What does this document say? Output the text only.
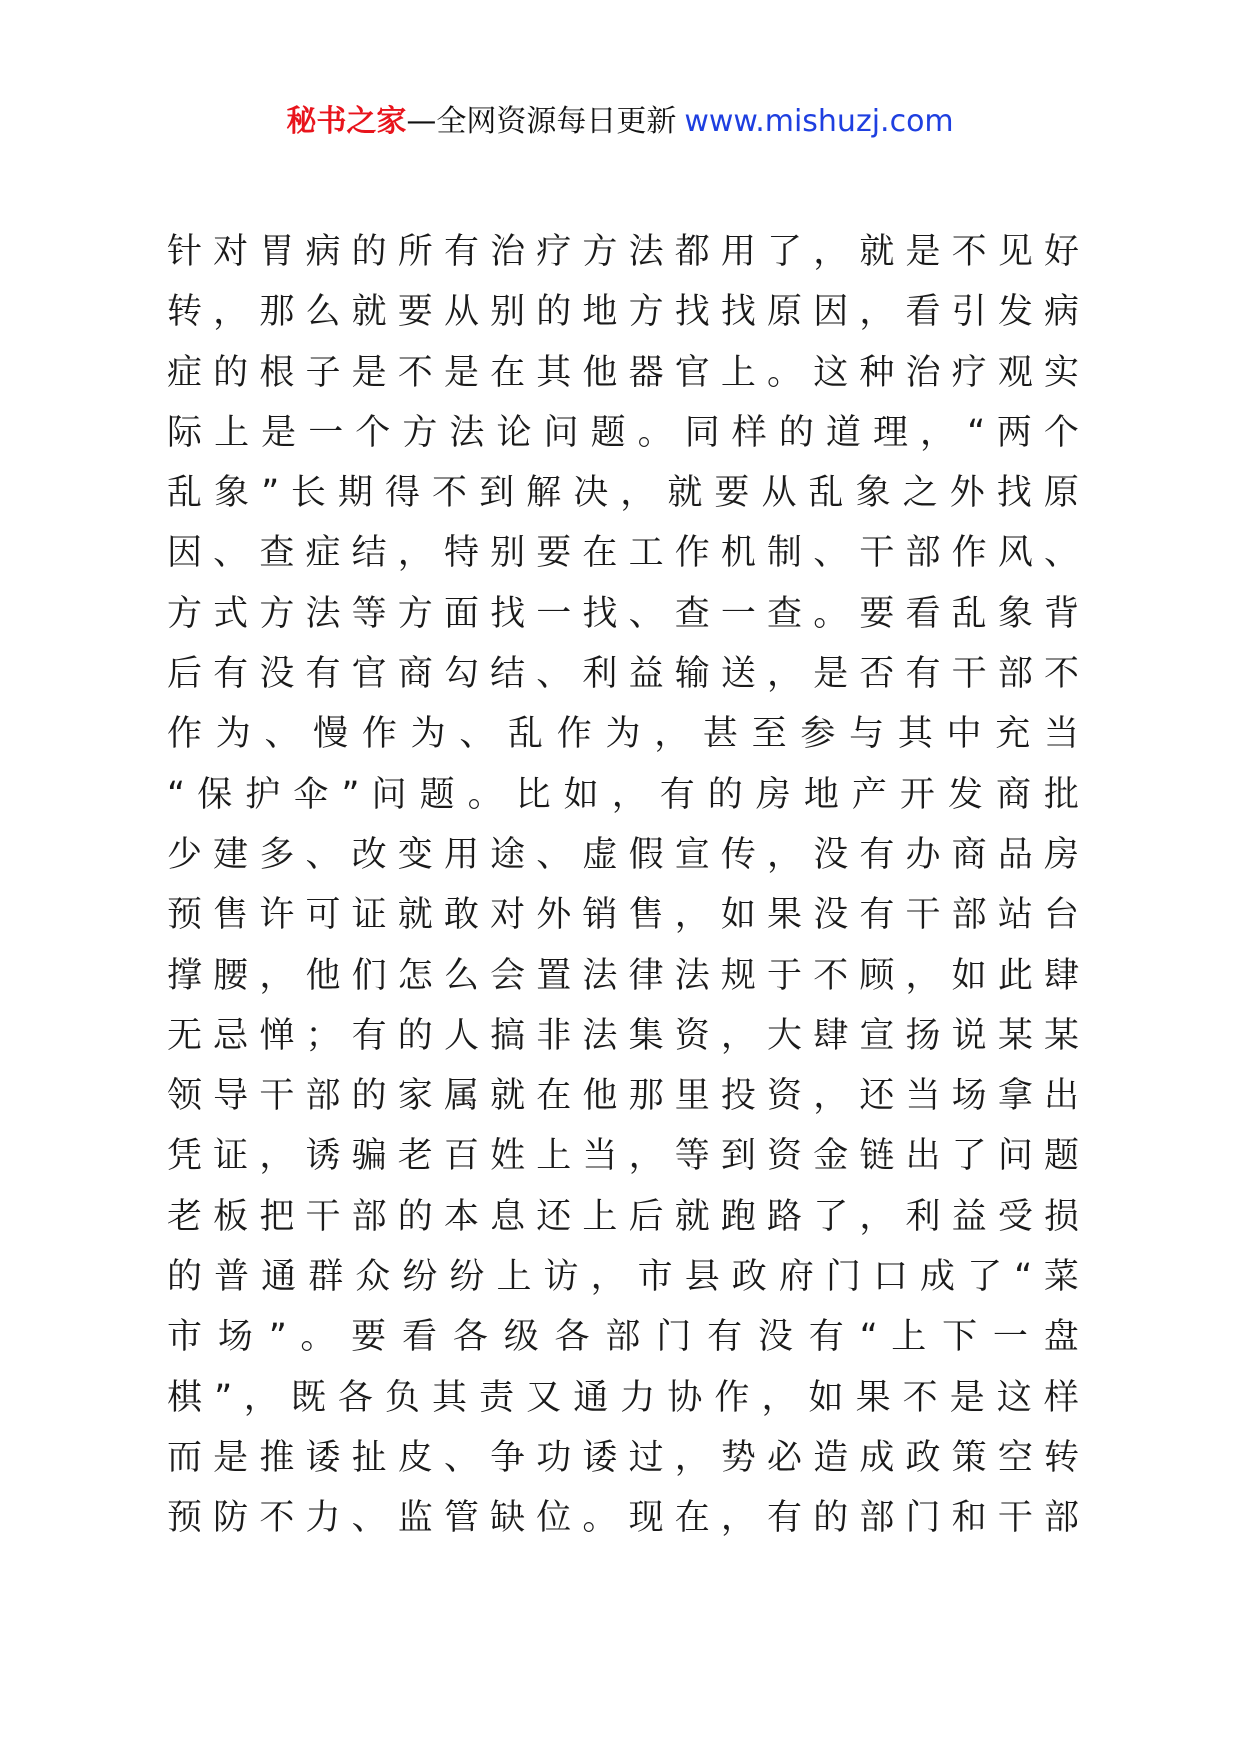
秘书之家—全网资源每日更新 www.mishuzj.com
针 对 胃 病 的 所 有 治 疗 方 法 都 用 了 ， 就 是 不 见 好
转 ， 那 么 就 要 从 别 的 地 方 找 找 原 因 ， 看 引 发 病
症 的 根 子 是 不 是 在 其 他 器 官 上 。 这 种 治 疗 观 实
际 上 是 一 个 方 法 论 问 题 。 同 样 的 道 理 ， “ 两 个
乱 象 ” 长 期 得 不 到 解 决 ， 就 要 从 乱 象 之 外 找 原
因 、 查 症 结 ， 特 别 要 在 工 作 机 制 、 干 部 作 风 、
方 式 方 法 等 方 面 找 一 找 、 查 一 查 。 要 看 乱 象 背
后 有 没 有 官 商 勾 结 、 利 益 输 送 ， 是 否 有 干 部 不
作 为 、 慢 作 为 、 乱 作 为 ， 甚 至 参 与 其 中 充 当
“ 保 护 伞 ” 问 题 。 比 如 ， 有 的 房 地 产 开 发 商 批
少 建 多 、 改 变 用 途 、 虚 假 宣 传 ， 没 有 办 商 品 房
预 售 许 可 证 就 敢 对 外 销 售 ， 如 果 没 有 干 部 站 台
撑 腰 ， 他 们 怎 么 会 置 法 律 法 规 于 不 顾 ， 如 此 肆
无 忌 惮 ； 有 的 人 搞 非 法 集 资 ， 大 肆 宣 扬 说 某 某
领 导 干 部 的 家 属 就 在 他 那 里 投 资 ， 还 当 场 拿 出
凭 证 ， 诱 骗 老 百 姓 上 当 ， 等 到 资 金 链 出 了 问 题
老 板 把 干 部 的 本 息 还 上 后 就 跑 路 了 ， 利 益 受 损
的 普 通 群 众 纷 纷 上 访 ， 市 县 政 府 门 口 成 了 “ 菜
市 场 ” 。 要 看 各 级 各 部 门 有 没 有 “ 上 下 一 盘
棋 ” ， 既 各 负 其 责 又 通 力 协 作 ， 如 果 不 是 这 样
而 是 推 诿 扯 皮 、 争 功 诿 过 ， 势 必 造 成 政 策 空 转
预 防 不 力 、 监 管 缺 位 。 现 在 ， 有 的 部 门 和 干 部
